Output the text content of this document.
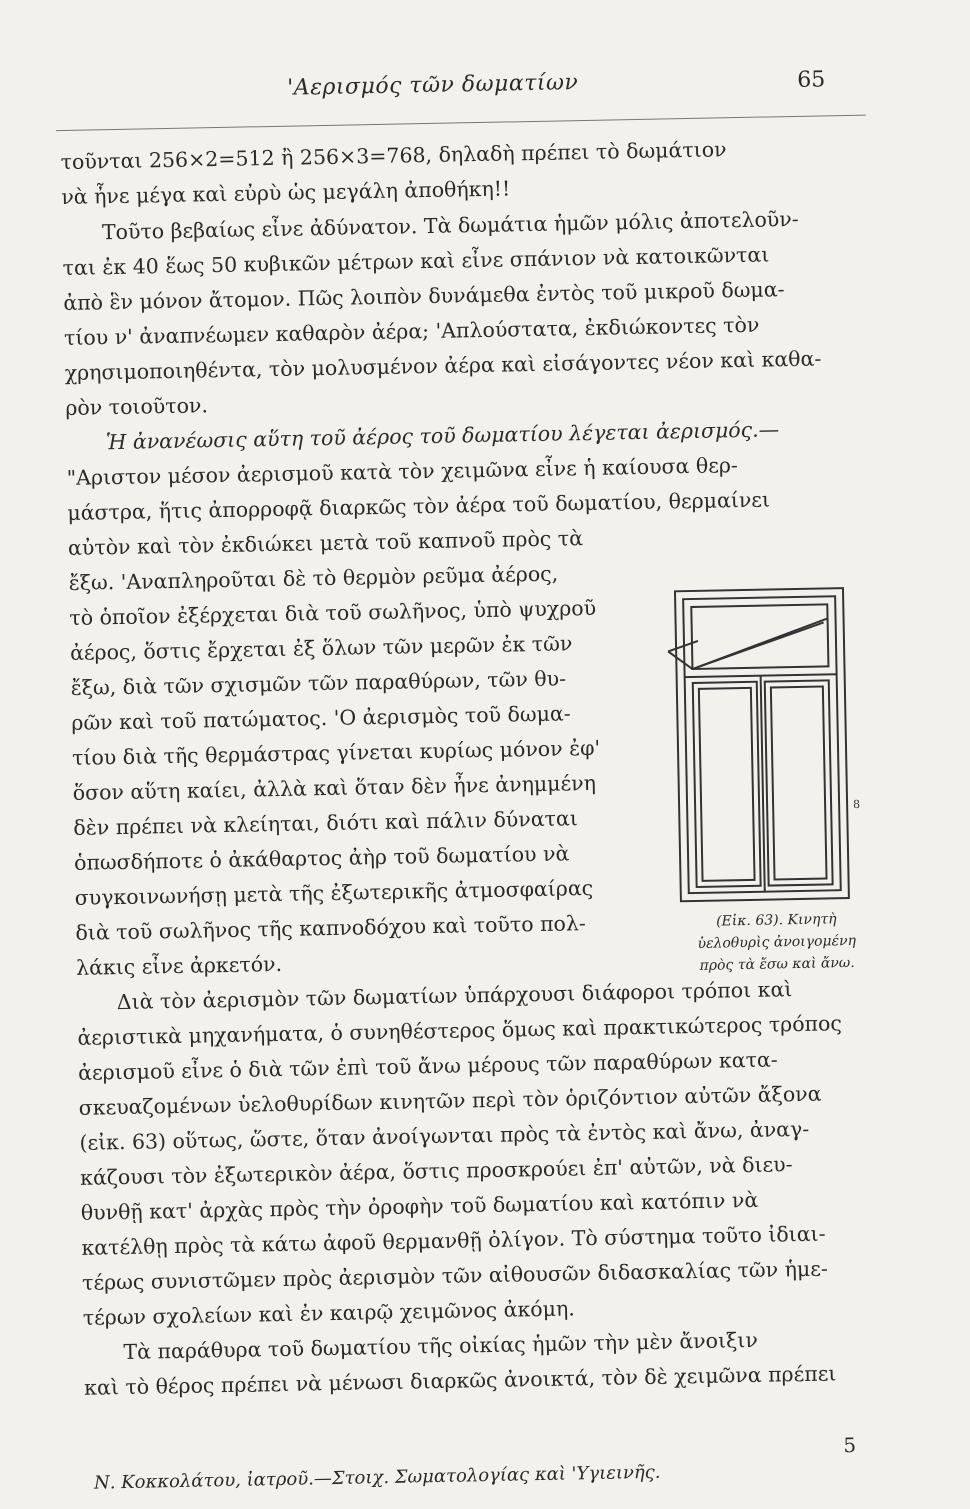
'Αερισμός τῶν δωματίων	65
τοῦνται 256×2=512 ἢ 256×3=768, δηλαδὴ πρέπει τὸ δωμάτιον
νὰ ἦνε μέγα καὶ εὐρὺ ὡς μεγάλη ἀποθήκη!!
Τοῦτο βεβαίως εἶνε ἀδύνατον. Τὰ δωμάτια ἡμῶν μόλις ἀποτελοῦν-
ται ἐκ 40 ἕως 50 κυβικῶν μέτρων καὶ εἶνε σπάνιον νὰ κατοικῶνται
ἀπὸ ἓν μόνον ἄτομον. Πῶς λοιπὸν δυνάμεθα ἐντὸς τοῦ μικροῦ δωμα-
τίου ν' ἀναπνέωμεν καθαρὸν ἀέρα; 'Απλούστατα, ἐκδιώκοντες τὸν
χρησιμοποιηθέντα, τὸν μολυσμένον ἀέρα καὶ εἰσάγοντες νέον καὶ καθα-
ρὸν τοιοῦτον.
Ἡ ἀνανέωσις αὕτη τοῦ ἀέρος τοῦ δωματίου λέγεται ἀερισμός.—
"Αριστον μέσον ἀερισμοῦ κατὰ τὸν χειμῶνα εἶνε ἡ καίουσα θερ-
μάστρα, ἥτις ἀπορροφᾷ διαρκῶς τὸν ἀέρα τοῦ δωματίου, θερμαίνει
αὐτὸν καὶ τὸν ἐκδιώκει μετὰ τοῦ καπνοῦ πρὸς τὰ
ἔξω. 'Αναπληροῦται δὲ τὸ θερμὸν ρεῦμα ἀέρος,
τὸ ὁποῖον ἐξέρχεται διὰ τοῦ σωλῆνος, ὑπὸ ψυχροῦ
ἀέρος, ὅστις ἔρχεται ἐξ ὅλων τῶν μερῶν ἐκ τῶν
ἔξω, διὰ τῶν σχισμῶν τῶν παραθύρων, τῶν θυ-
ρῶν καὶ τοῦ πατώματος. 'Ο ἀερισμὸς τοῦ δωμα-
τίου διὰ τῆς θερμάστρας γίνεται κυρίως μόνον ἐφ'
ὅσον αὕτη καίει, ἀλλὰ καὶ ὅταν δὲν ἦνε ἀνημμένη
δὲν πρέπει νὰ κλείηται, διότι καὶ πάλιν δύναται
ὁπωσδήποτε ὁ ἀκάθαρτος ἀὴρ τοῦ δωματίου νὰ
συγκοινωνήσῃ μετὰ τῆς ἐξωτερικῆς ἀτμοσφαίρας
διὰ τοῦ σωλῆνος τῆς καπνοδόχου καὶ τοῦτο πολ-
λάκις εἶνε ἀρκετόν.
Διὰ τὸν ἀερισμὸν τῶν δωματίων ὑπάρχουσι διάφοροι τρόποι καὶ
ἀεριστικὰ μηχανήματα, ὁ συνηθέστερος ὅμως καὶ πρακτικώτερος τρόπος
ἀερισμοῦ εἶνε ὁ διὰ τῶν ἐπὶ τοῦ ἄνω μέρους τῶν παραθύρων κατα-
σκευαζομένων ὑελοθυρίδων κινητῶν περὶ τὸν ὁριζόντιον αὐτῶν ἄξονα
(εἰκ. 63) οὕτως, ὥστε, ὅταν ἀνοίγωνται πρὸς τὰ ἐντὸς καὶ ἄνω, ἀναγ-
κάζουσι τὸν ἐξωτερικὸν ἀέρα, ὅστις προσκρούει ἐπ' αὐτῶν, νὰ διευ-
θυνθῇ κατ' ἀρχὰς πρὸς τὴν ὀροφὴν τοῦ δωματίου καὶ κατόπιν νὰ
κατέλθῃ πρὸς τὰ κάτω ἀφοῦ θερμανθῇ ὀλίγον. Τὸ σύστημα τοῦτο ἰδιαι-
τέρως συνιστῶμεν πρὸς ἀερισμὸν τῶν αἰθουσῶν διδασκαλίας τῶν ἡμε-
τέρων σχολείων καὶ ἐν καιρῷ χειμῶνος ἀκόμη.
Τὰ παράθυρα τοῦ δωματίου τῆς οἰκίας ἡμῶν τὴν μὲν ἄνοιξιν
καὶ τὸ θέρος πρέπει νὰ μένωσι διαρκῶς ἀνοικτά, τὸν δὲ χειμῶνα πρέπει
8
(Εἰκ. 63). Κινητὴ
ὑελοθυρὶς ἀνοιγομένη
πρὸς τὰ ἔσω καὶ ἄνω.
5
Ν. Κοκκολάτου, ἰατροῦ.—Στοιχ. Σωματολογίας καὶ 'Υγιεινῆς.
